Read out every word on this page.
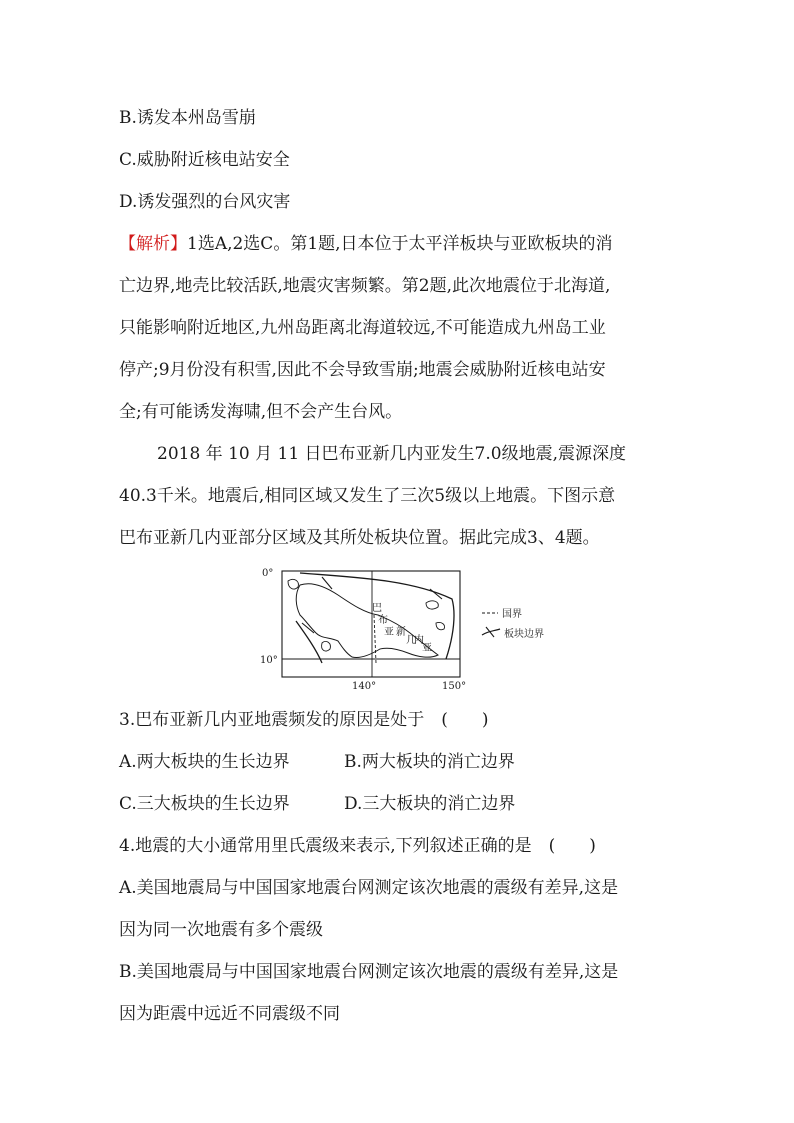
B.诱发本州岛雪崩
C.威胁附近核电站安全
D.诱发强烈的台风灾害
【解析】1选A,2选C。第1题,日本位于太平洋板块与亚欧板块的消
亡边界,地壳比较活跃,地震灾害频繁。第2题,此次地震位于北海道,
只能影响附近地区,九州岛距离北海道较远,不可能造成九州岛工业
停产;9月份没有积雪,因此不会导致雪崩;地震会威胁附近核电站安
全;有可能诱发海啸,但不会产生台风。
2018 年 10 月 11 日巴布亚新几内亚发生7.0级地震,震源深度
40.3千米。地震后,相同区域又发生了三次5级以上地震。下图示意
巴布亚新几内亚部分区域及其所处板块位置。据此完成3、4题。
0°
10°
140°	150°
巴
布
亚 新
几
内
亚
国界
板块边界
3.巴布亚新几内亚地震频发的原因是处于　(　　)
A.两大板块的生长边界	B.两大板块的消亡边界
C.三大板块的生长边界	D.三大板块的消亡边界
4.地震的大小通常用里氏震级来表示,下列叙述正确的是　(　　)
A.美国地震局与中国国家地震台网测定该次地震的震级有差异,这是
因为同一次地震有多个震级
B.美国地震局与中国国家地震台网测定该次地震的震级有差异,这是
因为距震中远近不同震级不同
